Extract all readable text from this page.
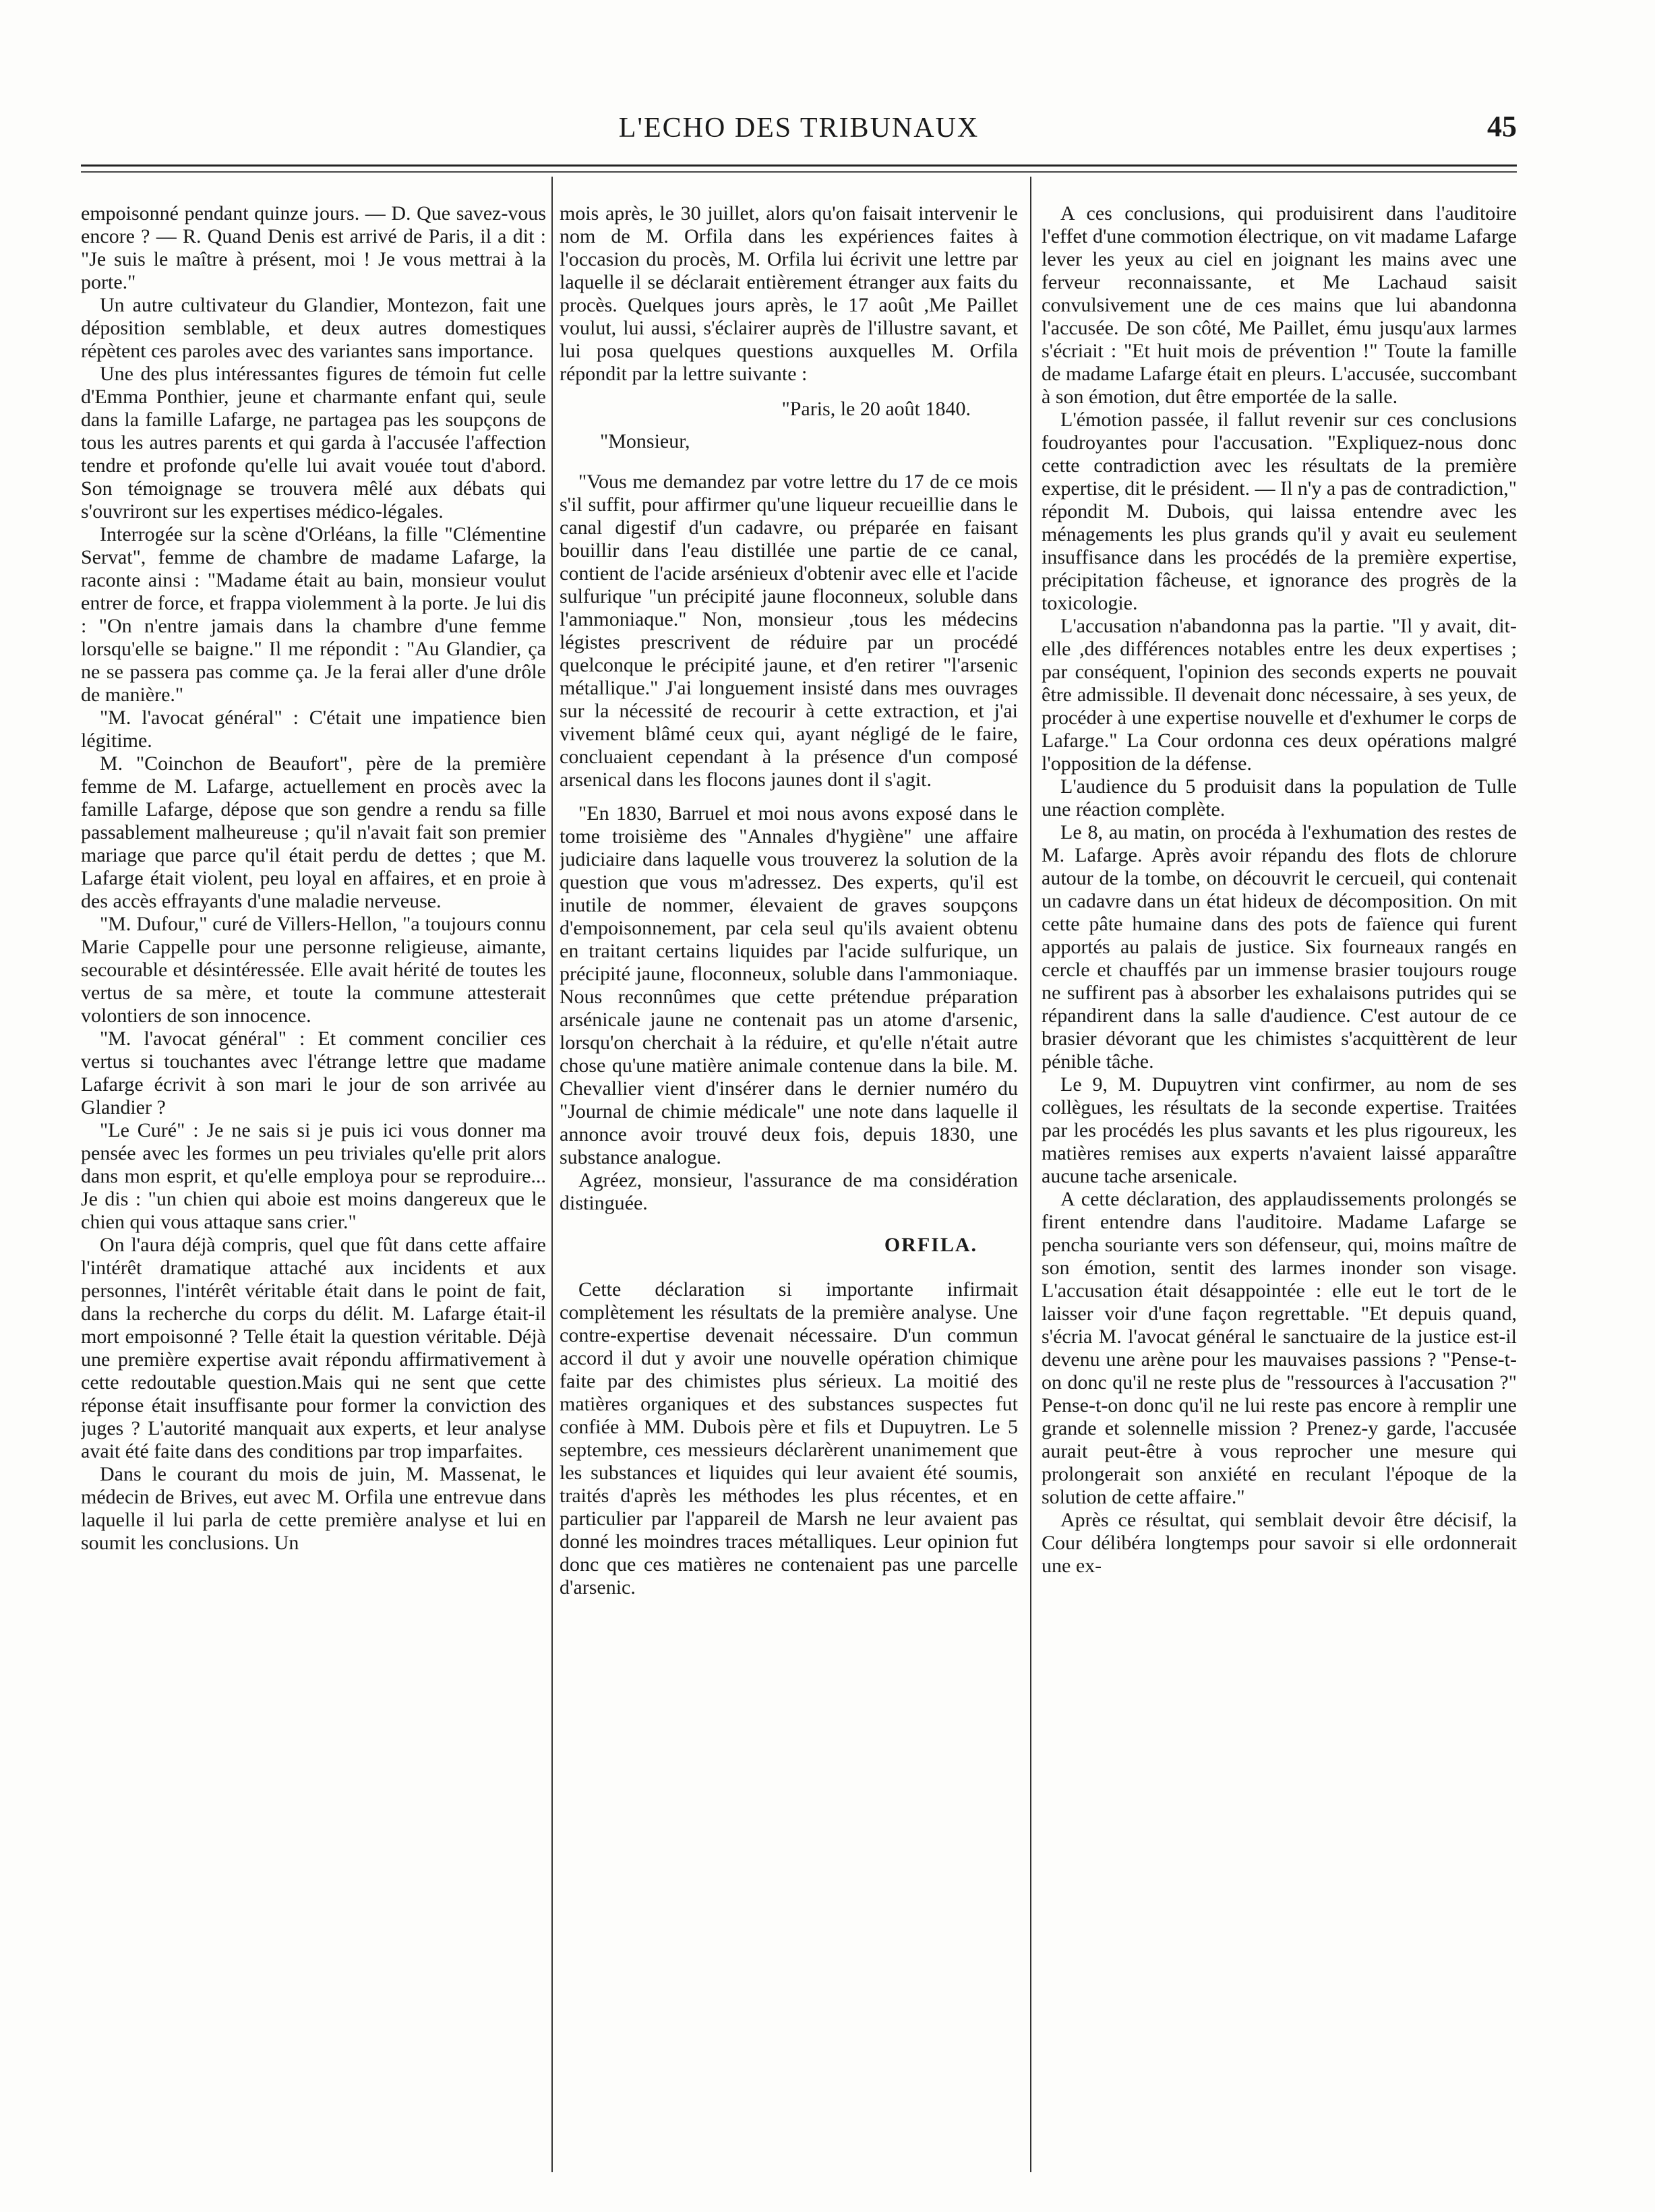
L'ECHO DES TRIBUNAUX	45

empoisonné pendant quinze jours. — D. Que savez-vous encore ? — R. Quand Denis est arrivé de Paris, il a dit : "Je suis le maître à présent, moi ! Je vous mettrai à la porte."

Un autre cultivateur du Glandier, Montezon, fait une déposition semblable, et deux autres domestiques répètent ces paroles avec des variantes sans importance.

Une des plus intéressantes figures de témoin fut celle d'Emma Ponthier, jeune et charmante enfant qui, seule dans la famille Lafarge, ne partagea pas les soupçons de tous les autres parents et qui garda à l'accusée l'affection tendre et profonde qu'elle lui avait vouée tout d'abord. Son témoignage se trouvera mêlé aux débats qui s'ouvriront sur les expertises médico-légales.

Interrogée sur la scène d'Orléans, la fille "Clémentine Servat", femme de chambre de madame Lafarge, la raconte ainsi : "Madame était au bain, monsieur voulut entrer de force, et frappa violemment à la porte. Je lui dis : "On n'entre jamais dans la chambre d'une femme lorsqu'elle se baigne." Il me répondit : "Au Glandier, ça ne se passera pas comme ça. Je la ferai aller d'une drôle de manière."

"M. l'avocat général" : C'était une impatience bien légitime.

M. "Coinchon de Beaufort", père de la première femme de M. Lafarge, actuellement en procès avec la famille Lafarge, dépose que son gendre a rendu sa fille passablement malheureuse ; qu'il n'avait fait son premier mariage que parce qu'il était perdu de dettes ; que M. Lafarge était violent, peu loyal en affaires, et en proie à des accès effrayants d'une maladie nerveuse.

"M. Dufour," curé de Villers-Hellon, "a toujours connu Marie Cappelle pour une personne religieuse, aimante, secourable et désintéressée. Elle avait hérité de toutes les vertus de sa mère, et toute la commune attesterait volontiers de son innocence.

"M. l'avocat général" : Et comment concilier ces vertus si touchantes avec l'étrange lettre que madame Lafarge écrivit à son mari le jour de son arrivée au Glandier ?

"Le Curé" : Je ne sais si je puis ici vous donner ma pensée avec les formes un peu triviales qu'elle prit alors dans mon esprit, et qu'elle employa pour se reproduire... Je dis : "un chien qui aboie est moins dangereux que le chien qui vous attaque sans crier."

On l'aura déjà compris, quel que fût dans cette affaire l'intérêt dramatique attaché aux incidents et aux personnes, l'intérêt véritable était dans le point de fait, dans la recherche du corps du délit. M. Lafarge était-il mort empoisonné ? Telle était la question véritable. Déjà une première expertise avait répondu affirmativement à cette redoutable question.Mais qui ne sent que cette réponse était insuffisante pour former la conviction des juges ? L'autorité manquait aux experts, et leur analyse avait été faite dans des conditions par trop imparfaites.

Dans le courant du mois de juin, M. Massenat, le médecin de Brives, eut avec M. Orfila une entrevue dans laquelle il lui parla de cette première analyse et lui en soumit les conclusions. Un

mois après, le 30 juillet, alors qu'on faisait intervenir le nom de M. Orfila dans les expériences faites à l'occasion du procès, M. Orfila lui écrivit une lettre par laquelle il se déclarait entièrement étranger aux faits du procès. Quelques jours après, le 17 août ,Me Paillet voulut, lui aussi, s'éclairer auprès de l'illustre savant, et lui posa quelques questions auxquelles M. Orfila répondit par la lettre suivante :

"Paris, le 20 août 1840.

"Monsieur,

"Vous me demandez par votre lettre du 17 de ce mois s'il suffit, pour affirmer qu'une liqueur recueillie dans le canal digestif d'un cadavre, ou préparée en faisant bouillir dans l'eau distillée une partie de ce canal, contient de l'acide arsénieux d'obtenir avec elle et l'acide sulfurique "un précipité jaune floconneux, soluble dans l'ammoniaque." Non, monsieur ,tous les médecins légistes prescrivent de réduire par un procédé quelconque le précipité jaune, et d'en retirer "l'arsenic métallique." J'ai longuement insisté dans mes ouvrages sur la nécessité de recourir à cette extraction, et j'ai vivement blâmé ceux qui, ayant négligé de le faire, concluaient cependant à la présence d'un composé arsenical dans les flocons jaunes dont il s'agit.

"En 1830, Barruel et moi nous avons exposé dans le tome troisième des "Annales d'hygiène" une affaire judiciaire dans laquelle vous trouverez la solution de la question que vous m'adressez. Des experts, qu'il est inutile de nommer, élevaient de graves soupçons d'empoisonnement, par cela seul qu'ils avaient obtenu en traitant certains liquides par l'acide sulfurique, un précipité jaune, floconneux, soluble dans l'ammoniaque. Nous reconnûmes que cette prétendue préparation arsénicale jaune ne contenait pas un atome d'arsenic, lorsqu'on cherchait à la réduire, et qu'elle n'était autre chose qu'une matière animale contenue dans la bile. M. Chevallier vient d'insérer dans le dernier numéro du "Journal de chimie médicale" une note dans laquelle il annonce avoir trouvé deux fois, depuis 1830, une substance analogue.

Agréez, monsieur, l'assurance de ma considération distinguée.

ORFILA.

Cette déclaration si importante infirmait complètement les résultats de la première analyse. Une contre-expertise devenait nécessaire. D'un commun accord il dut y avoir une nouvelle opération chimique faite par des chimistes plus sérieux. La moitié des matières organiques et des substances suspectes fut confiée à MM. Dubois père et fils et Dupuytren. Le 5 septembre, ces messieurs déclarèrent unanimement que les substances et liquides qui leur avaient été soumis, traités d'après les méthodes les plus récentes, et en particulier par l'appareil de Marsh ne leur avaient pas donné les moindres traces métalliques. Leur opinion fut donc que ces matières ne contenaient pas une parcelle d'arsenic.

A ces conclusions, qui produisirent dans l'auditoire l'effet d'une commotion électrique, on vit madame Lafarge lever les yeux au ciel en joignant les mains avec une ferveur reconnaissante, et Me Lachaud saisit convulsivement une de ces mains que lui abandonna l'accusée. De son côté, Me Paillet, ému jusqu'aux larmes s'écriait : "Et huit mois de prévention !" Toute la famille de madame Lafarge était en pleurs. L'accusée, succombant à son émotion, dut être emportée de la salle.

L'émotion passée, il fallut revenir sur ces conclusions foudroyantes pour l'accusation. "Expliquez-nous donc cette contradiction avec les résultats de la première expertise, dit le président. — Il n'y a pas de contradiction," répondit M. Dubois, qui laissa entendre avec les ménagements les plus grands qu'il y avait eu seulement insuffisance dans les procédés de la première expertise, précipitation fâcheuse, et ignorance des progrès de la toxicologie.

L'accusation n'abandonna pas la partie. "Il y avait, dit-elle ,des différences notables entre les deux expertises ; par conséquent, l'opinion des seconds experts ne pouvait être admissible. Il devenait donc nécessaire, à ses yeux, de procéder à une expertise nouvelle et d'exhumer le corps de Lafarge." La Cour ordonna ces deux opérations malgré l'opposition de la défense.

L'audience du 5 produisit dans la population de Tulle une réaction complète.

Le 8, au matin, on procéda à l'exhumation des restes de M. Lafarge. Après avoir répandu des flots de chlorure autour de la tombe, on découvrit le cercueil, qui contenait un cadavre dans un état hideux de décomposition. On mit cette pâte humaine dans des pots de faïence qui furent apportés au palais de justice. Six fourneaux rangés en cercle et chauffés par un immense brasier toujours rouge ne suffirent pas à absorber les exhalaisons putrides qui se répandirent dans la salle d'audience. C'est autour de ce brasier dévorant que les chimistes s'acquittèrent de leur pénible tâche.

Le 9, M. Dupuytren vint confirmer, au nom de ses collègues, les résultats de la seconde expertise. Traitées par les procédés les plus savants et les plus rigoureux, les matières remises aux experts n'avaient laissé apparaître aucune tache arsenicale.

A cette déclaration, des applaudissements prolongés se firent entendre dans l'auditoire. Madame Lafarge se pencha souriante vers son défenseur, qui, moins maître de son émotion, sentit des larmes inonder son visage. L'accusation était désappointée : elle eut le tort de le laisser voir d'une façon regrettable. "Et depuis quand, s'écria M. l'avocat général le sanctuaire de la justice est-il devenu une arène pour les mauvaises passions ? "Pense-t-on donc qu'il ne reste plus de "ressources à l'accusation ?" Pense-t-on donc qu'il ne lui reste pas encore à remplir une grande et solennelle mission ? Prenez-y garde, l'accusée aurait peut-être à vous reprocher une mesure qui prolongerait son anxiété en reculant l'époque de la solution de cette affaire."

Après ce résultat, qui semblait devoir être décisif, la Cour délibéra longtemps pour savoir si elle ordonnerait une ex-
